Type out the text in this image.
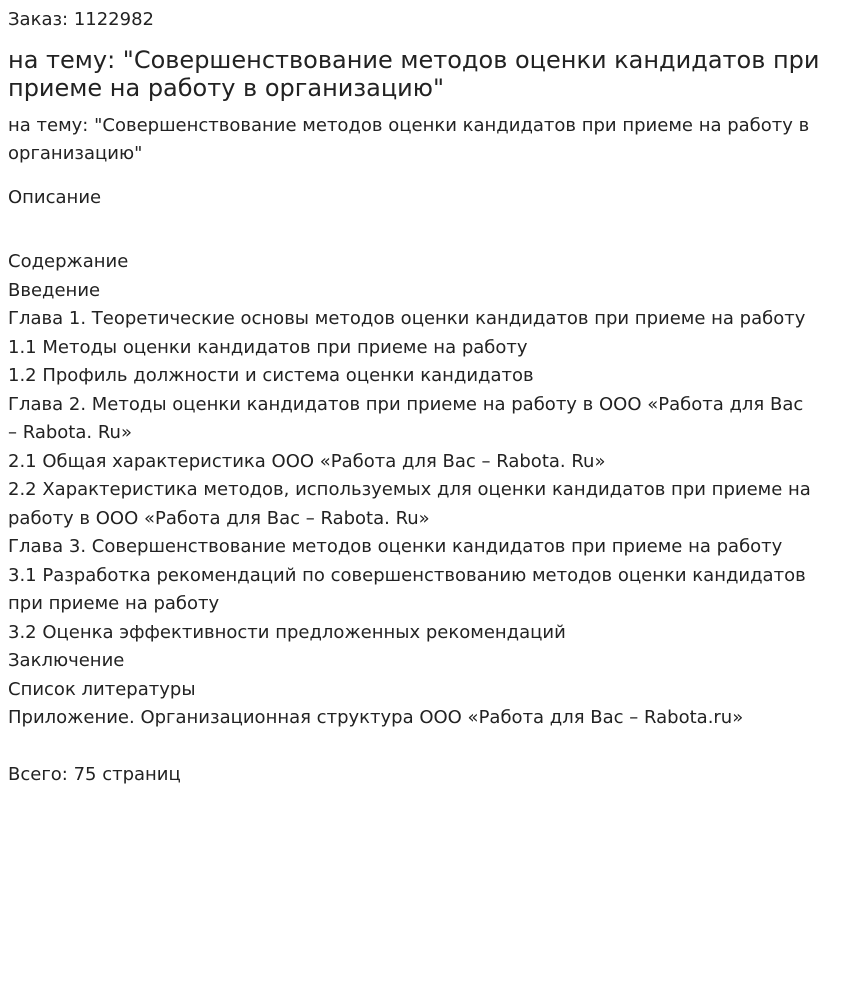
Заказ: 1122982
на тему: "Совершенствование методов оценки кандидатов при приеме на работу в организацию"
на тему: "Совершенствование методов оценки кандидатов при приеме на работу в организацию"
Описание
Содержание
Введение
Глава 1. Теоретические основы методов оценки кандидатов при приеме на работу
1.1 Методы оценки кандидатов при приеме на работу
1.2 Профиль должности и система оценки кандидатов
Глава 2. Методы оценки кандидатов при приеме на работу в ООО «Работа для Вас
– Rabota. Ru»
2.1 Общая характеристика ООО «Работа для Вас – Rabota. Ru»
2.2 Характеристика методов, используемых для оценки кандидатов при приеме на работу в ООО «Работа для Вас – Rabota. Ru»
Глава 3. Совершенствование методов оценки кандидатов при приеме на работу
3.1 Разработка рекомендаций по совершенствованию методов оценки кандидатов при приеме на работу
3.2 Оценка эффективности предложенных рекомендаций
Заключение
Список литературы
Приложение. Организационная структура ООО «Работа для Вас – Rabota.ru»
Всего: 75 страниц
